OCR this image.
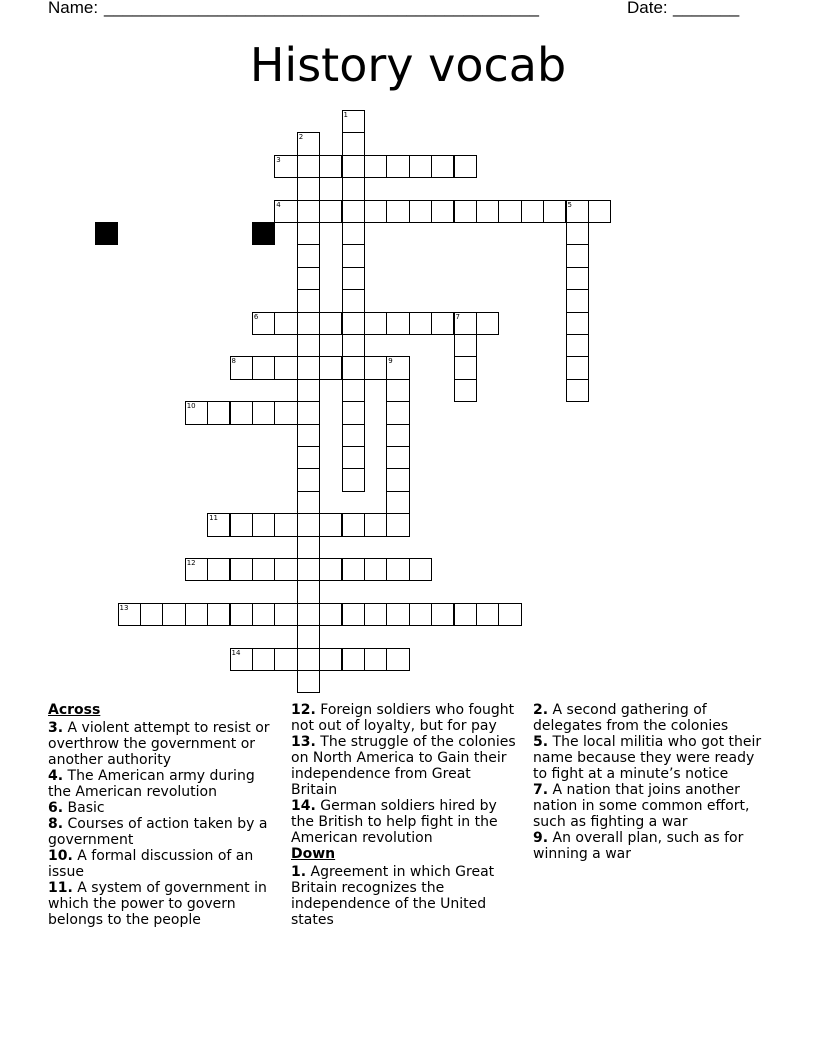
Name:

______________________________________________

	Date:

_______

History vocab
1
2
3
4	5
6	7
8	9
10
11
12
13
14
Across
3. A violent attempt to resist or overthrow the government or another authority
4. The American army during the American revolution
6. Basic
8. Courses of action taken by a government
10. A formal discussion of an issue
11. A system of government in which the power to govern belongs to the people
12. Foreign soldiers who fought not out of loyalty, but for pay
13. The struggle of the colonies on North America to Gain their independence from Great Britain
14. German soldiers hired by the British to help fight in the American revolution
Down
1. Agreement in which Great Britain recognizes the independence of the United states
2. A second gathering of delegates from the colonies
5. The local militia who got their name because they were ready to fight at a minute’s notice
7. A nation that joins another nation in some common effort, such as fighting a war
9. An overall plan, such as for winning a war
